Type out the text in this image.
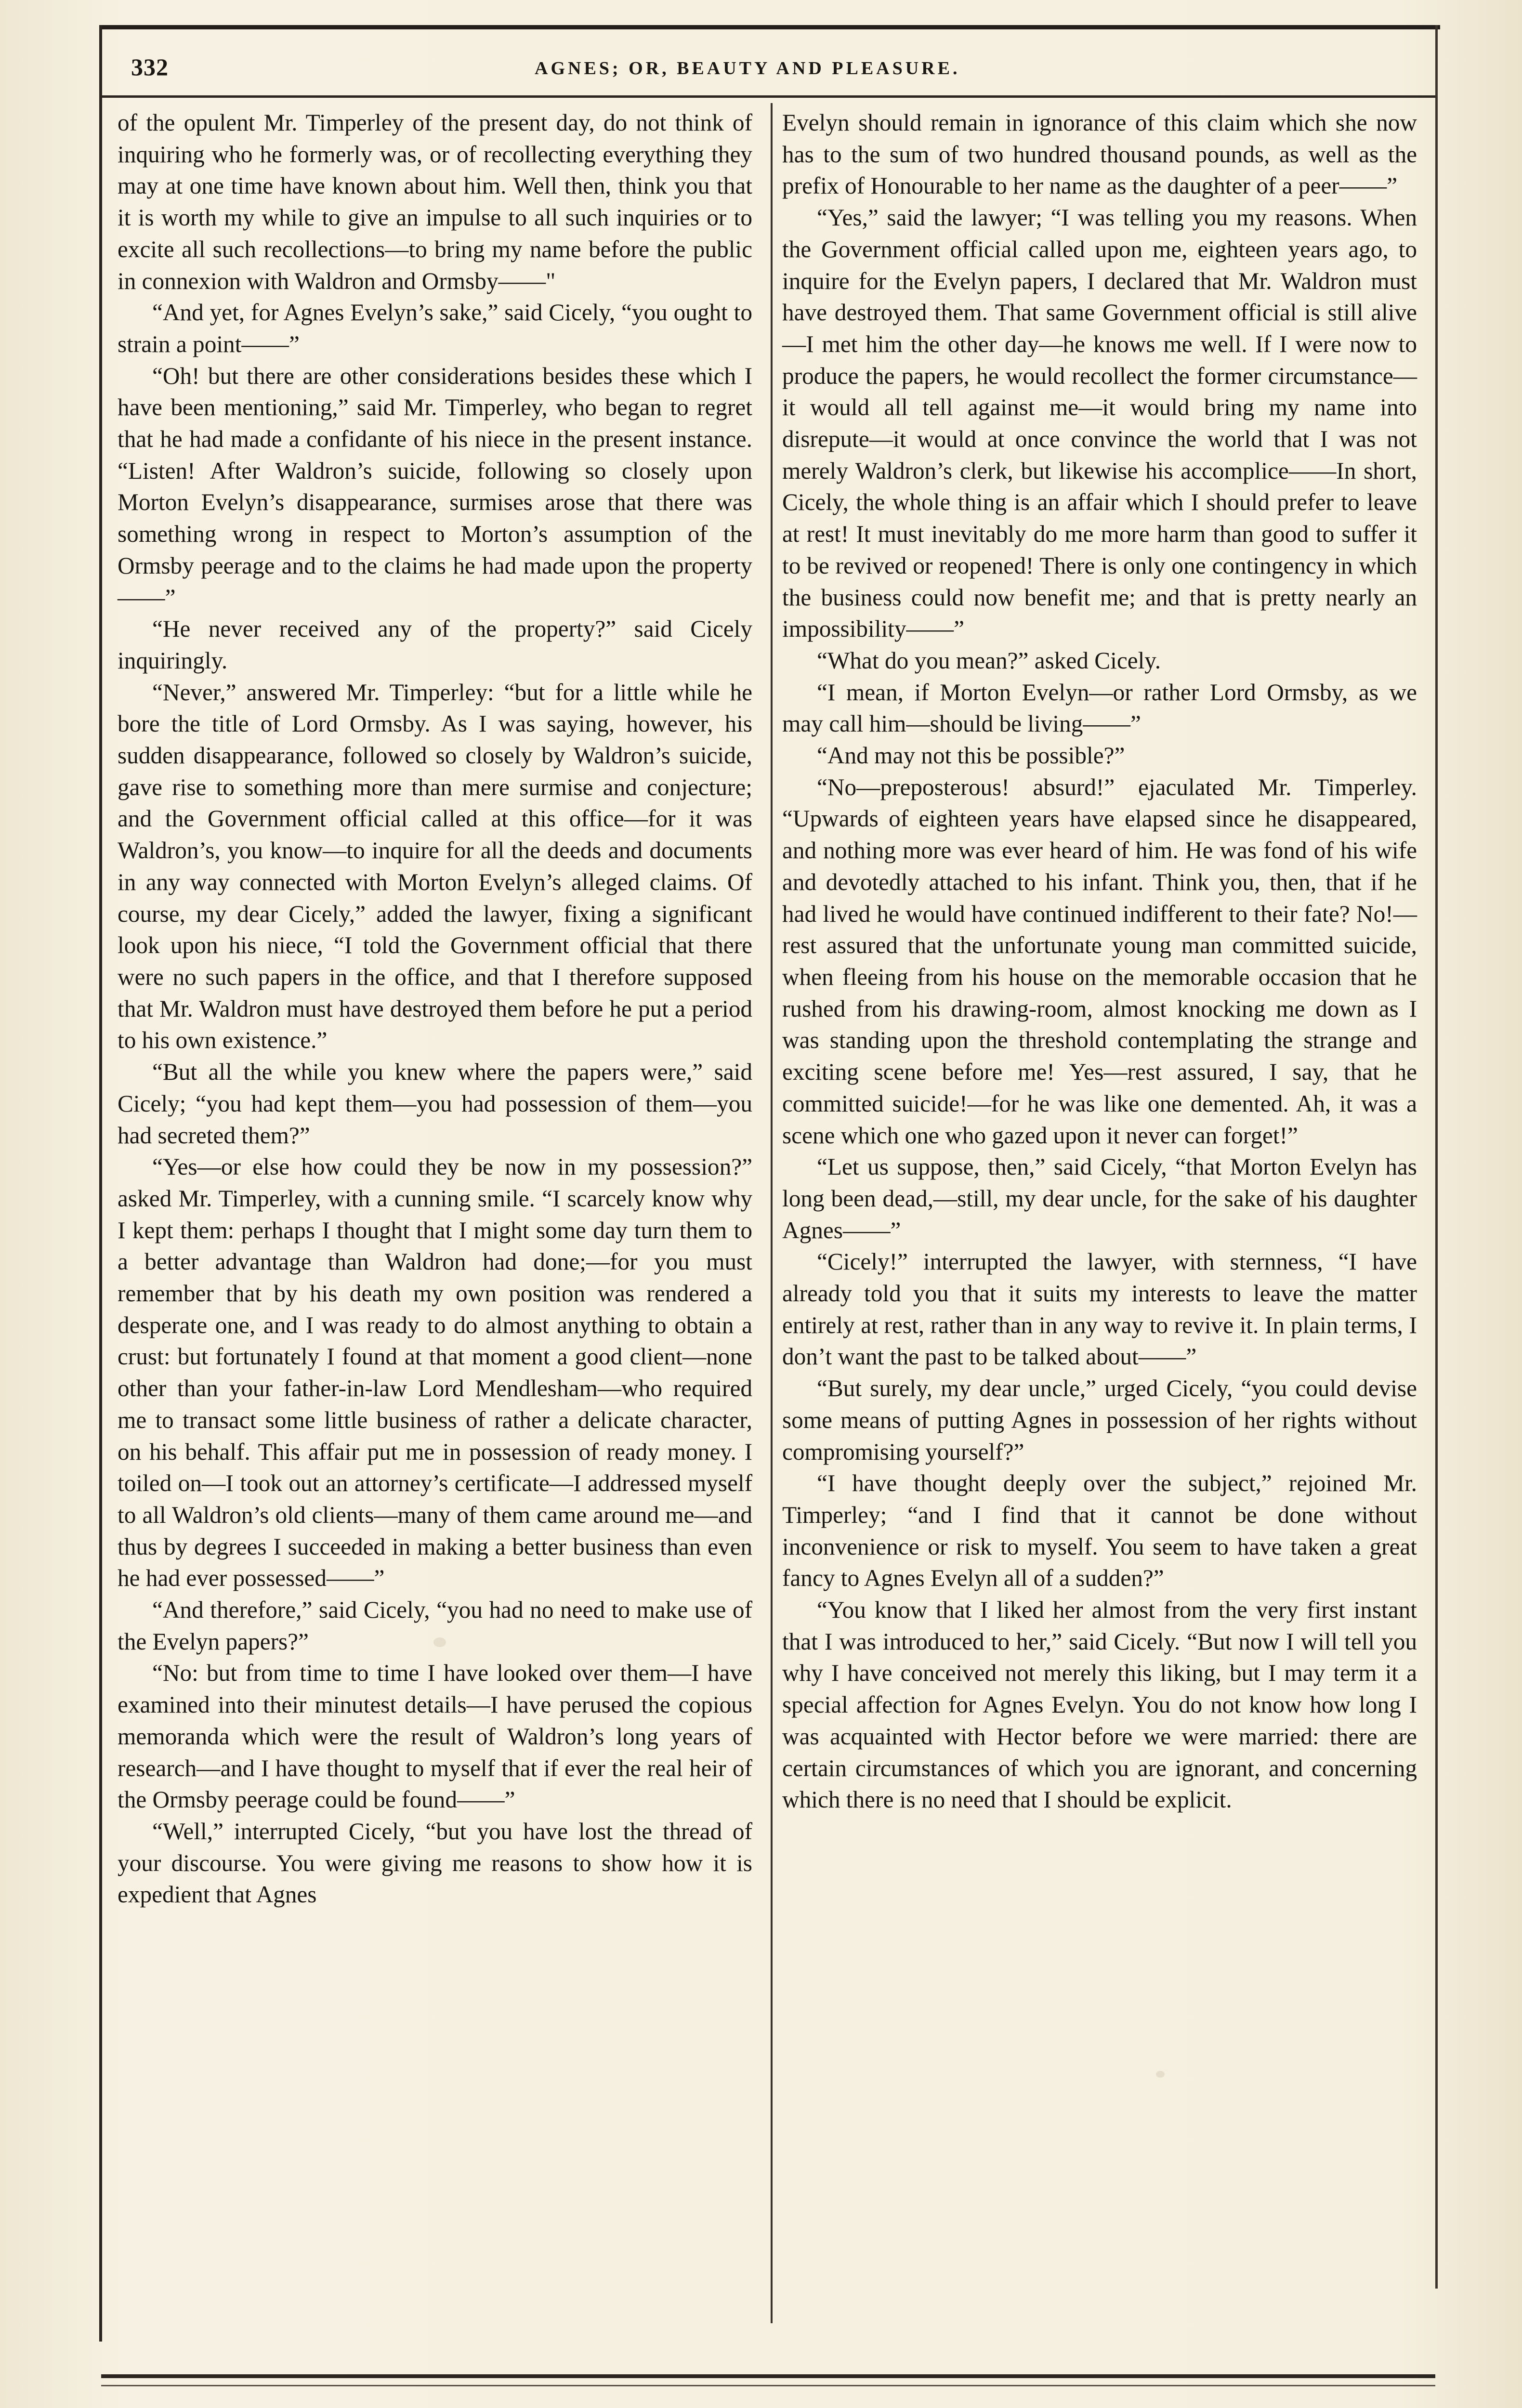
332	AGNES; OR, BEAUTY AND PLEASURE.

of the opulent Mr. Timperley of the present day, do not think of inquiring who he formerly was, or of recollecting everything they may at one time have known about him. Well then, think you that it is worth my while to give an impulse to all such inquiries or to excite all such recollections—to bring my name before the public in connexion with Waldron and Ormsby——"

“And yet, for Agnes Evelyn’s sake,” said Cicely, “you ought to strain a point——”

“Oh! but there are other considerations besides these which I have been mentioning,” said Mr. Timperley, who began to regret that he had made a confidante of his niece in the present instance. “Listen! After Waldron’s suicide, following so closely upon Morton Evelyn’s disappearance, surmises arose that there was something wrong in respect to Morton’s assumption of the Ormsby peerage and to the claims he had made upon the property——”

“He never received any of the property?” said Cicely inquiringly.

“Never,” answered Mr. Timperley: “but for a little while he bore the title of Lord Ormsby. As I was saying, however, his sudden disappearance, followed so closely by Waldron’s suicide, gave rise to something more than mere surmise and conjecture; and the Government official called at this office—for it was Waldron’s, you know—to inquire for all the deeds and documents in any way connected with Morton Evelyn’s alleged claims. Of course, my dear Cicely,” added the lawyer, fixing a significant look upon his niece, “I told the Government official that there were no such papers in the office, and that I therefore supposed that Mr. Waldron must have destroyed them before he put a period to his own existence.”

“But all the while you knew where the papers were,” said Cicely; “you had kept them—you had possession of them—you had secreted them?”

“Yes—or else how could they be now in my possession?” asked Mr. Timperley, with a cunning smile. “I scarcely know why I kept them: perhaps I thought that I might some day turn them to a better advantage than Waldron had done;—for you must remember that by his death my own position was rendered a desperate one, and I was ready to do almost anything to obtain a crust: but fortunately I found at that moment a good client—none other than your father-in-law Lord Mendlesham—who required me to transact some little business of rather a delicate character, on his behalf. This affair put me in possession of ready money. I toiled on—I took out an attorney’s certificate—I addressed myself to all Waldron’s old clients—many of them came around me—and thus by degrees I succeeded in making a better business than even he had ever possessed——”

“And therefore,” said Cicely, “you had no need to make use of the Evelyn papers?”

“No: but from time to time I have looked over them—I have examined into their minutest details—I have perused the copious memoranda which were the result of Waldron’s long years of research—and I have thought to myself that if ever the real heir of the Ormsby peerage could be found——”

“Well,” interrupted Cicely, “but you have lost the thread of your discourse. You were giving me reasons to show how it is expedient that Agnes

Evelyn should remain in ignorance of this claim which she now has to the sum of two hundred thousand pounds, as well as the prefix of Honourable to her name as the daughter of a peer——”

“Yes,” said the lawyer; “I was telling you my reasons. When the Government official called upon me, eighteen years ago, to inquire for the Evelyn papers, I declared that Mr. Waldron must have destroyed them. That same Government official is still alive—I met him the other day—he knows me well. If I were now to produce the papers, he would recollect the former circumstance—it would all tell against me—it would bring my name into disrepute—it would at once convince the world that I was not merely Waldron’s clerk, but likewise his accomplice——In short, Cicely, the whole thing is an affair which I should prefer to leave at rest! It must inevitably do me more harm than good to suffer it to be revived or reopened! There is only one contingency in which the business could now benefit me; and that is pretty nearly an impossibility——”

“What do you mean?” asked Cicely.

“I mean, if Morton Evelyn—or rather Lord Ormsby, as we may call him—should be living——”

“And may not this be possible?”

“No—preposterous! absurd!” ejaculated Mr. Timperley. “Upwards of eighteen years have elapsed since he disappeared, and nothing more was ever heard of him. He was fond of his wife and devotedly attached to his infant. Think you, then, that if he had lived he would have continued indifferent to their fate? No!—rest assured that the unfortunate young man committed suicide, when fleeing from his house on the memorable occasion that he rushed from his drawing-room, almost knocking me down as I was standing upon the threshold contemplating the strange and exciting scene before me! Yes—rest assured, I say, that he committed suicide!—for he was like one demented. Ah, it was a scene which one who gazed upon it never can forget!”

“Let us suppose, then,” said Cicely, “that Morton Evelyn has long been dead,—still, my dear uncle, for the sake of his daughter Agnes——”

“Cicely!” interrupted the lawyer, with sternness, “I have already told you that it suits my interests to leave the matter entirely at rest, rather than in any way to revive it. In plain terms, I don’t want the past to be talked about——”

“But surely, my dear uncle,” urged Cicely, “you could devise some means of putting Agnes in possession of her rights without compromising yourself?”

“I have thought deeply over the subject,” rejoined Mr. Timperley; “and I find that it cannot be done without inconvenience or risk to myself. You seem to have taken a great fancy to Agnes Evelyn all of a sudden?”

“You know that I liked her almost from the very first instant that I was introduced to her,” said Cicely. “But now I will tell you why I have conceived not merely this liking, but I may term it a special affection for Agnes Evelyn. You do not know how long I was acquainted with Hector before we were married: there are certain circumstances of which you are ignorant, and concerning which there is no need that I should be explicit.
